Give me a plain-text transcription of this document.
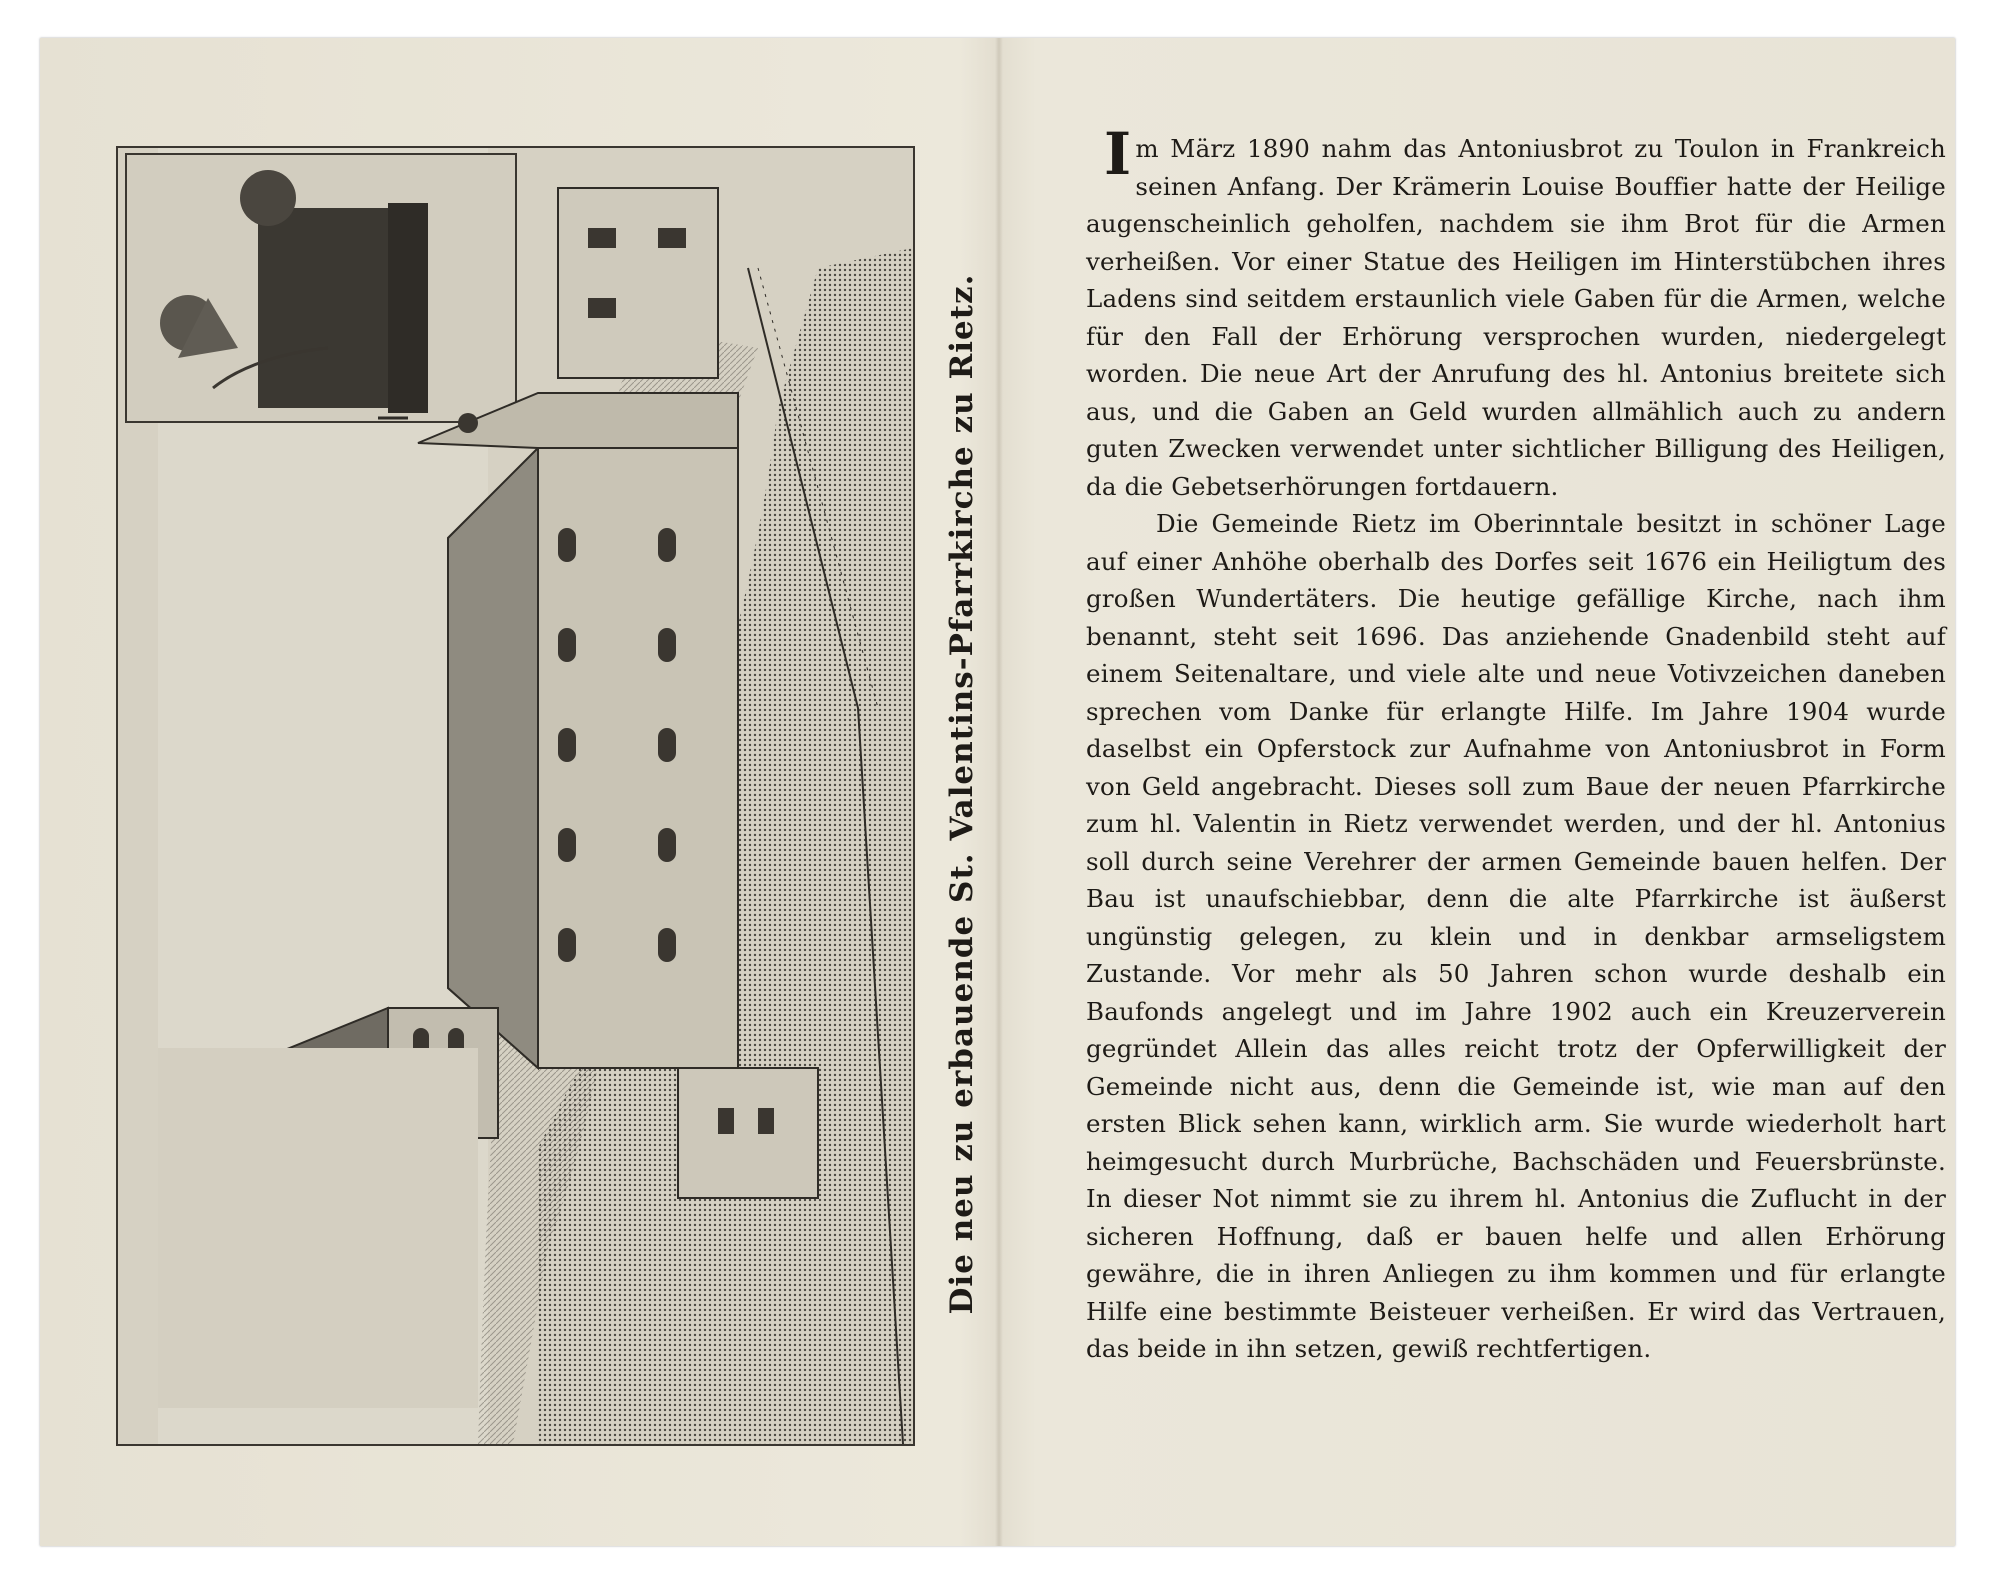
Die neu zu erbauende St. Valentins-Pfarrkirche zu Rietz.

Im März 1890 nahm das Antoniusbrot zu Toulon in Frankreich seinen Anfang. Der Krämerin Louise Bouffier hatte der Heilige augenscheinlich geholfen, nachdem sie ihm Brot für die Armen verheißen. Vor einer Statue des Heiligen im Hinterstübchen ihres Ladens sind seitdem erstaunlich viele Gaben für die Armen, welche für den Fall der Erhörung versprochen wurden, niedergelegt worden. Die neue Art der Anrufung des hl. Antonius breitete sich aus, und die Gaben an Geld wurden allmählich auch zu andern guten Zwecken verwendet unter sichtlicher Billigung des Heiligen, da die Gebetserhörungen fortdauern.

Die Gemeinde Rietz im Oberinntale besitzt in schöner Lage auf einer Anhöhe oberhalb des Dorfes seit 1676 ein Heiligtum des großen Wundertäters. Die heutige gefällige Kirche, nach ihm benannt, steht seit 1696. Das anziehende Gnadenbild steht auf einem Seitenaltare, und viele alte und neue Votivzeichen daneben sprechen vom Danke für erlangte Hilfe. Im Jahre 1904 wurde daselbst ein Opferstock zur Aufnahme von Antoniusbrot in Form von Geld angebracht. Dieses soll zum Baue der neuen Pfarrkirche zum hl. Valentin in Rietz verwendet werden, und der hl. Antonius soll durch seine Verehrer der armen Gemeinde bauen helfen. Der Bau ist unaufschiebbar, denn die alte Pfarrkirche ist äußerst ungünstig gelegen, zu klein und in denkbar armseligstem Zustande. Vor mehr als 50 Jahren schon wurde deshalb ein Baufonds angelegt und im Jahre 1902 auch ein Kreuzerverein gegründet Allein das alles reicht trotz der Opferwilligkeit der Gemeinde nicht aus, denn die Gemeinde ist, wie man auf den ersten Blick sehen kann, wirklich arm. Sie wurde wiederholt hart heimgesucht durch Murbrüche, Bachschäden und Feuersbrünste. In dieser Not nimmt sie zu ihrem hl. Antonius die Zuflucht in der sicheren Hoffnung, daß er bauen helfe und allen Erhörung gewähre, die in ihren Anliegen zu ihm kommen und für erlangte Hilfe eine bestimmte Beisteuer verheißen. Er wird das Vertrauen, das beide in ihn setzen, gewiß rechtfertigen.
